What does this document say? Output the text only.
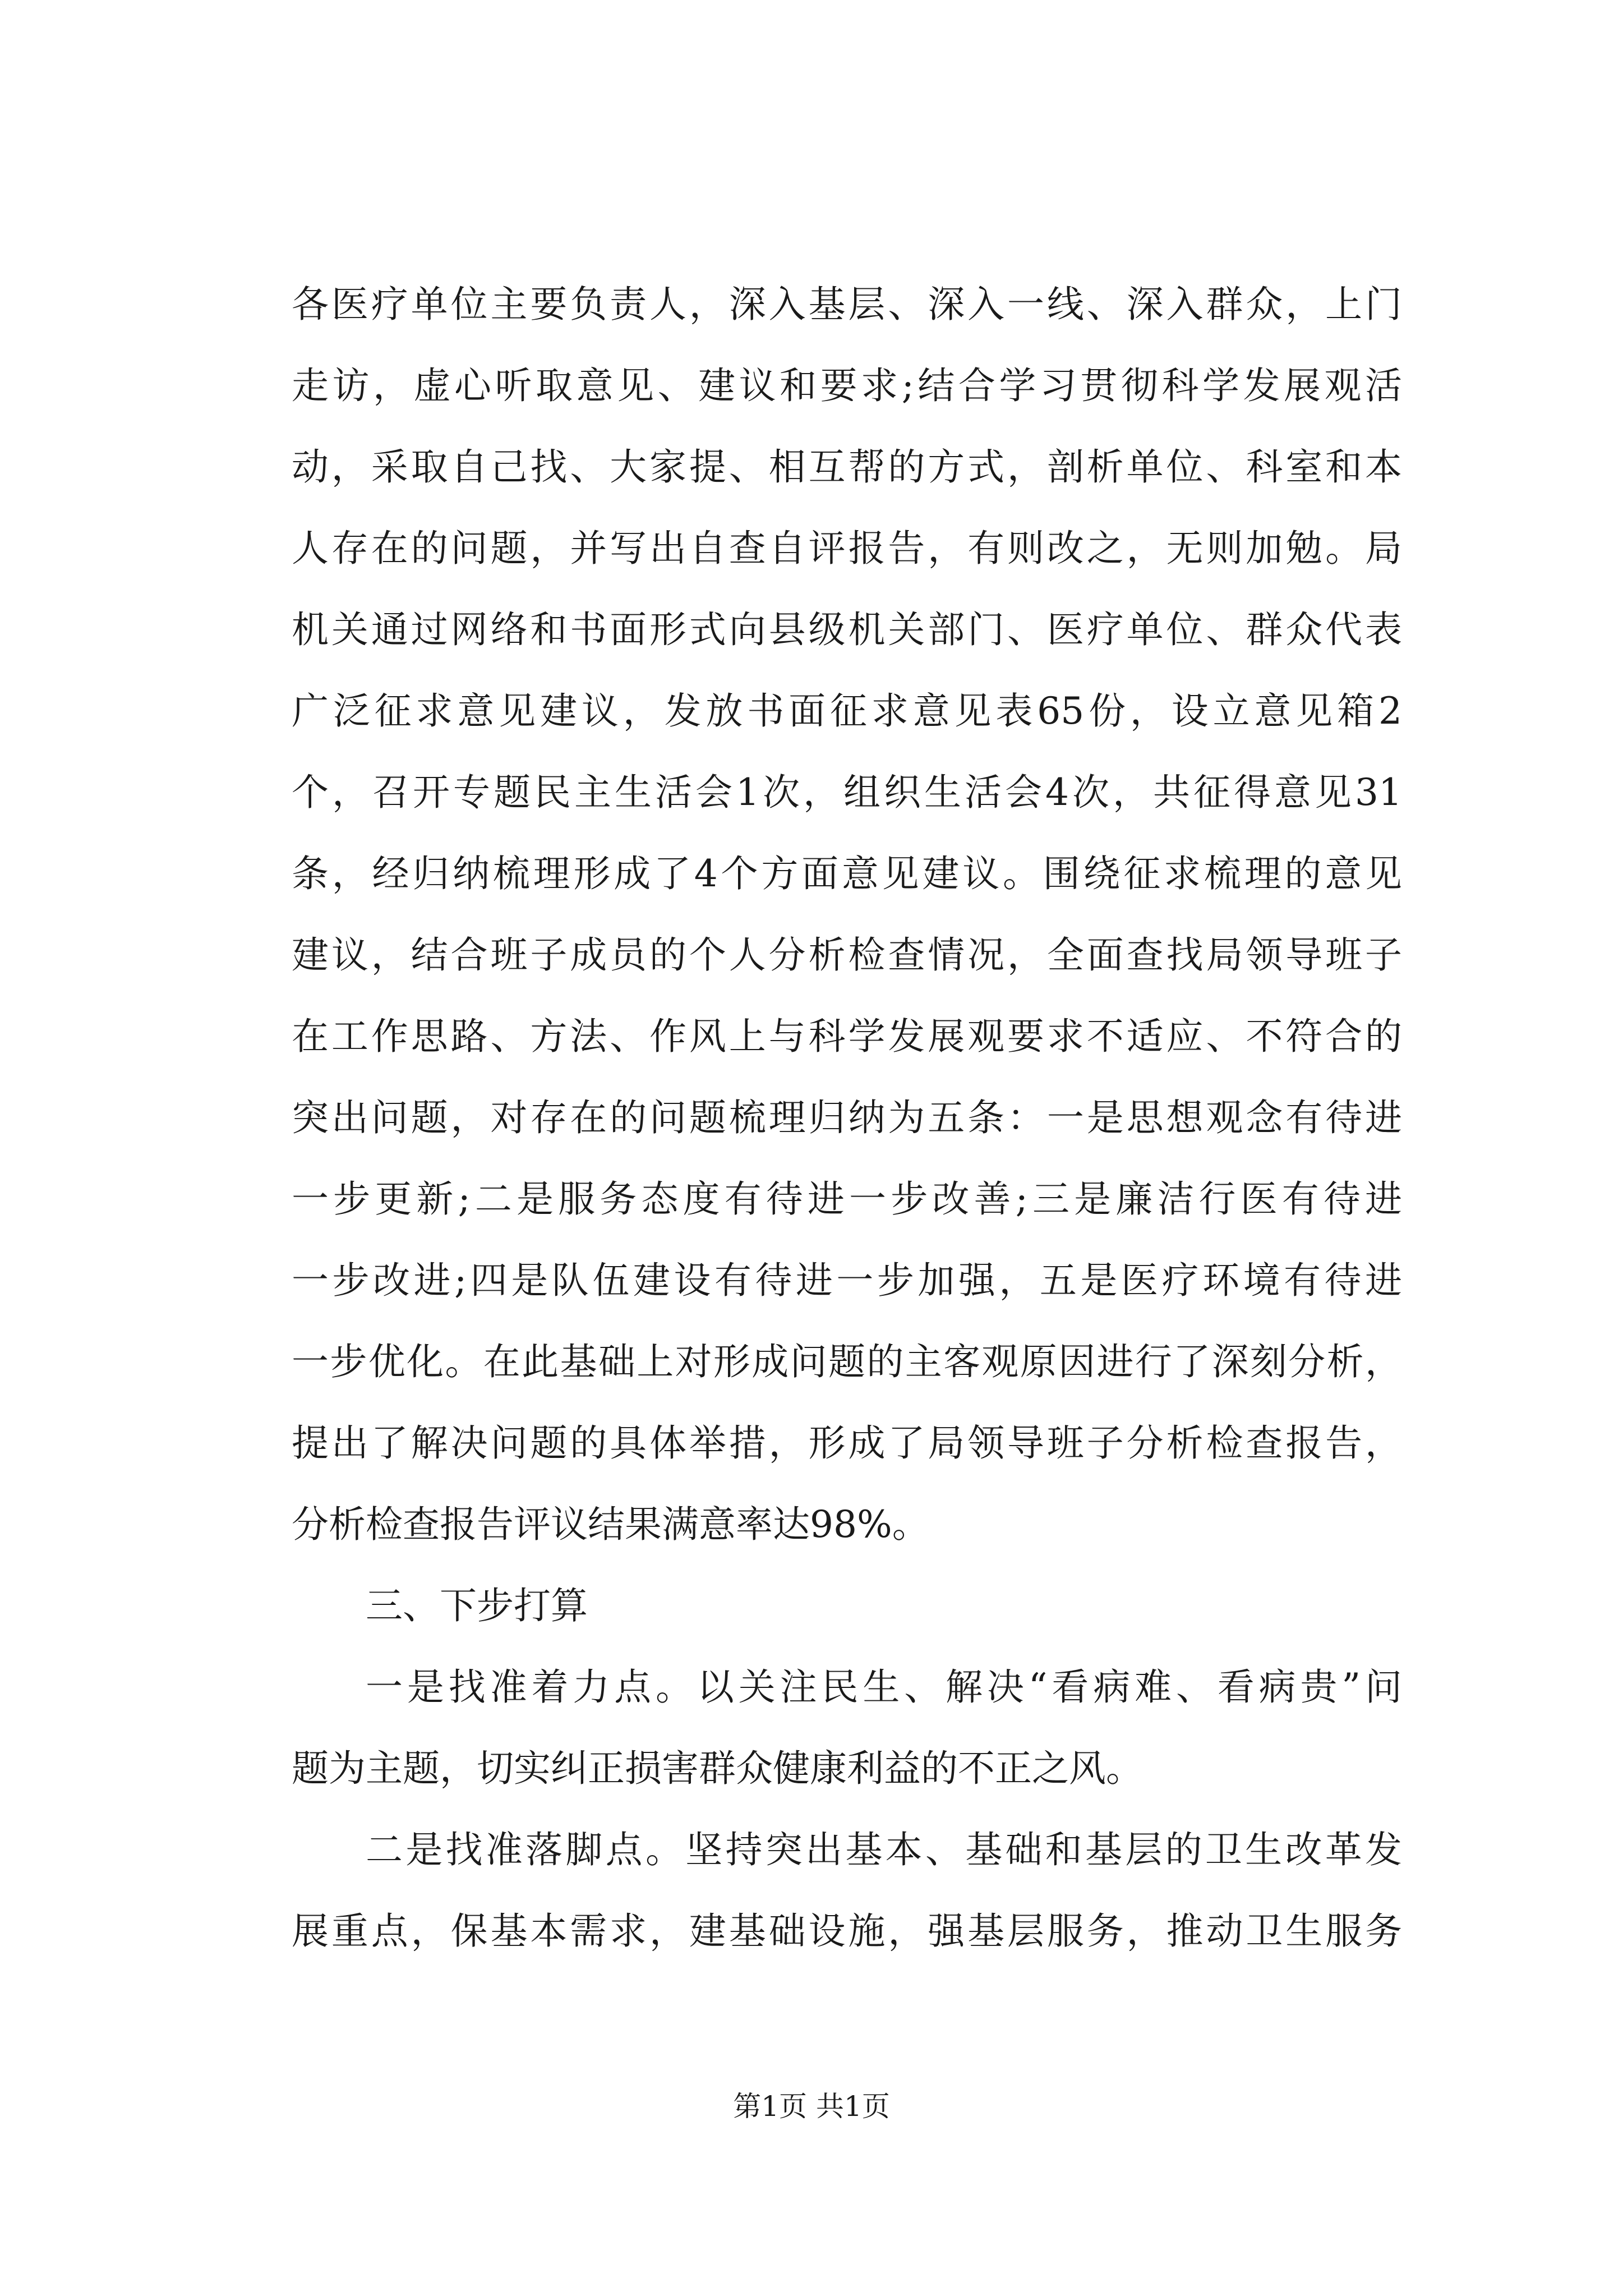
各医疗单位主要负责人，深入基层、深入一线、深入群众，上门
走访，虚心听取意见、建议和要求;结合学习贯彻科学发展观活
动，采取自己找、大家提、相互帮的方式，剖析单位、科室和本
人存在的问题，并写出自查自评报告，有则改之，无则加勉。局
机关通过网络和书面形式向县级机关部门、医疗单位、群众代表
广泛征求意见建议，发放书面征求意见表65份，设立意见箱2
个，召开专题民主生活会1次，组织生活会4次，共征得意见31
条，经归纳梳理形成了4个方面意见建议。围绕征求梳理的意见
建议，结合班子成员的个人分析检查情况，全面查找局领导班子
在工作思路、方法、作风上与科学发展观要求不适应、不符合的
突出问题，对存在的问题梳理归纳为五条：一是思想观念有待进
一步更新;二是服务态度有待进一步改善;三是廉洁行医有待进
一步改进;四是队伍建设有待进一步加强，五是医疗环境有待进
一步优化。在此基础上对形成问题的主客观原因进行了深刻分析，
提出了解决问题的具体举措，形成了局领导班子分析检查报告，
分析检查报告评议结果满意率达98%。
三、下步打算
一是找准着力点。以关注民生、解决“看病难、看病贵”问
题为主题，切实纠正损害群众健康利益的不正之风。
二是找准落脚点。坚持突出基本、基础和基层的卫生改革发
展重点，保基本需求，建基础设施，强基层服务，推动卫生服务
第1页 共1页
